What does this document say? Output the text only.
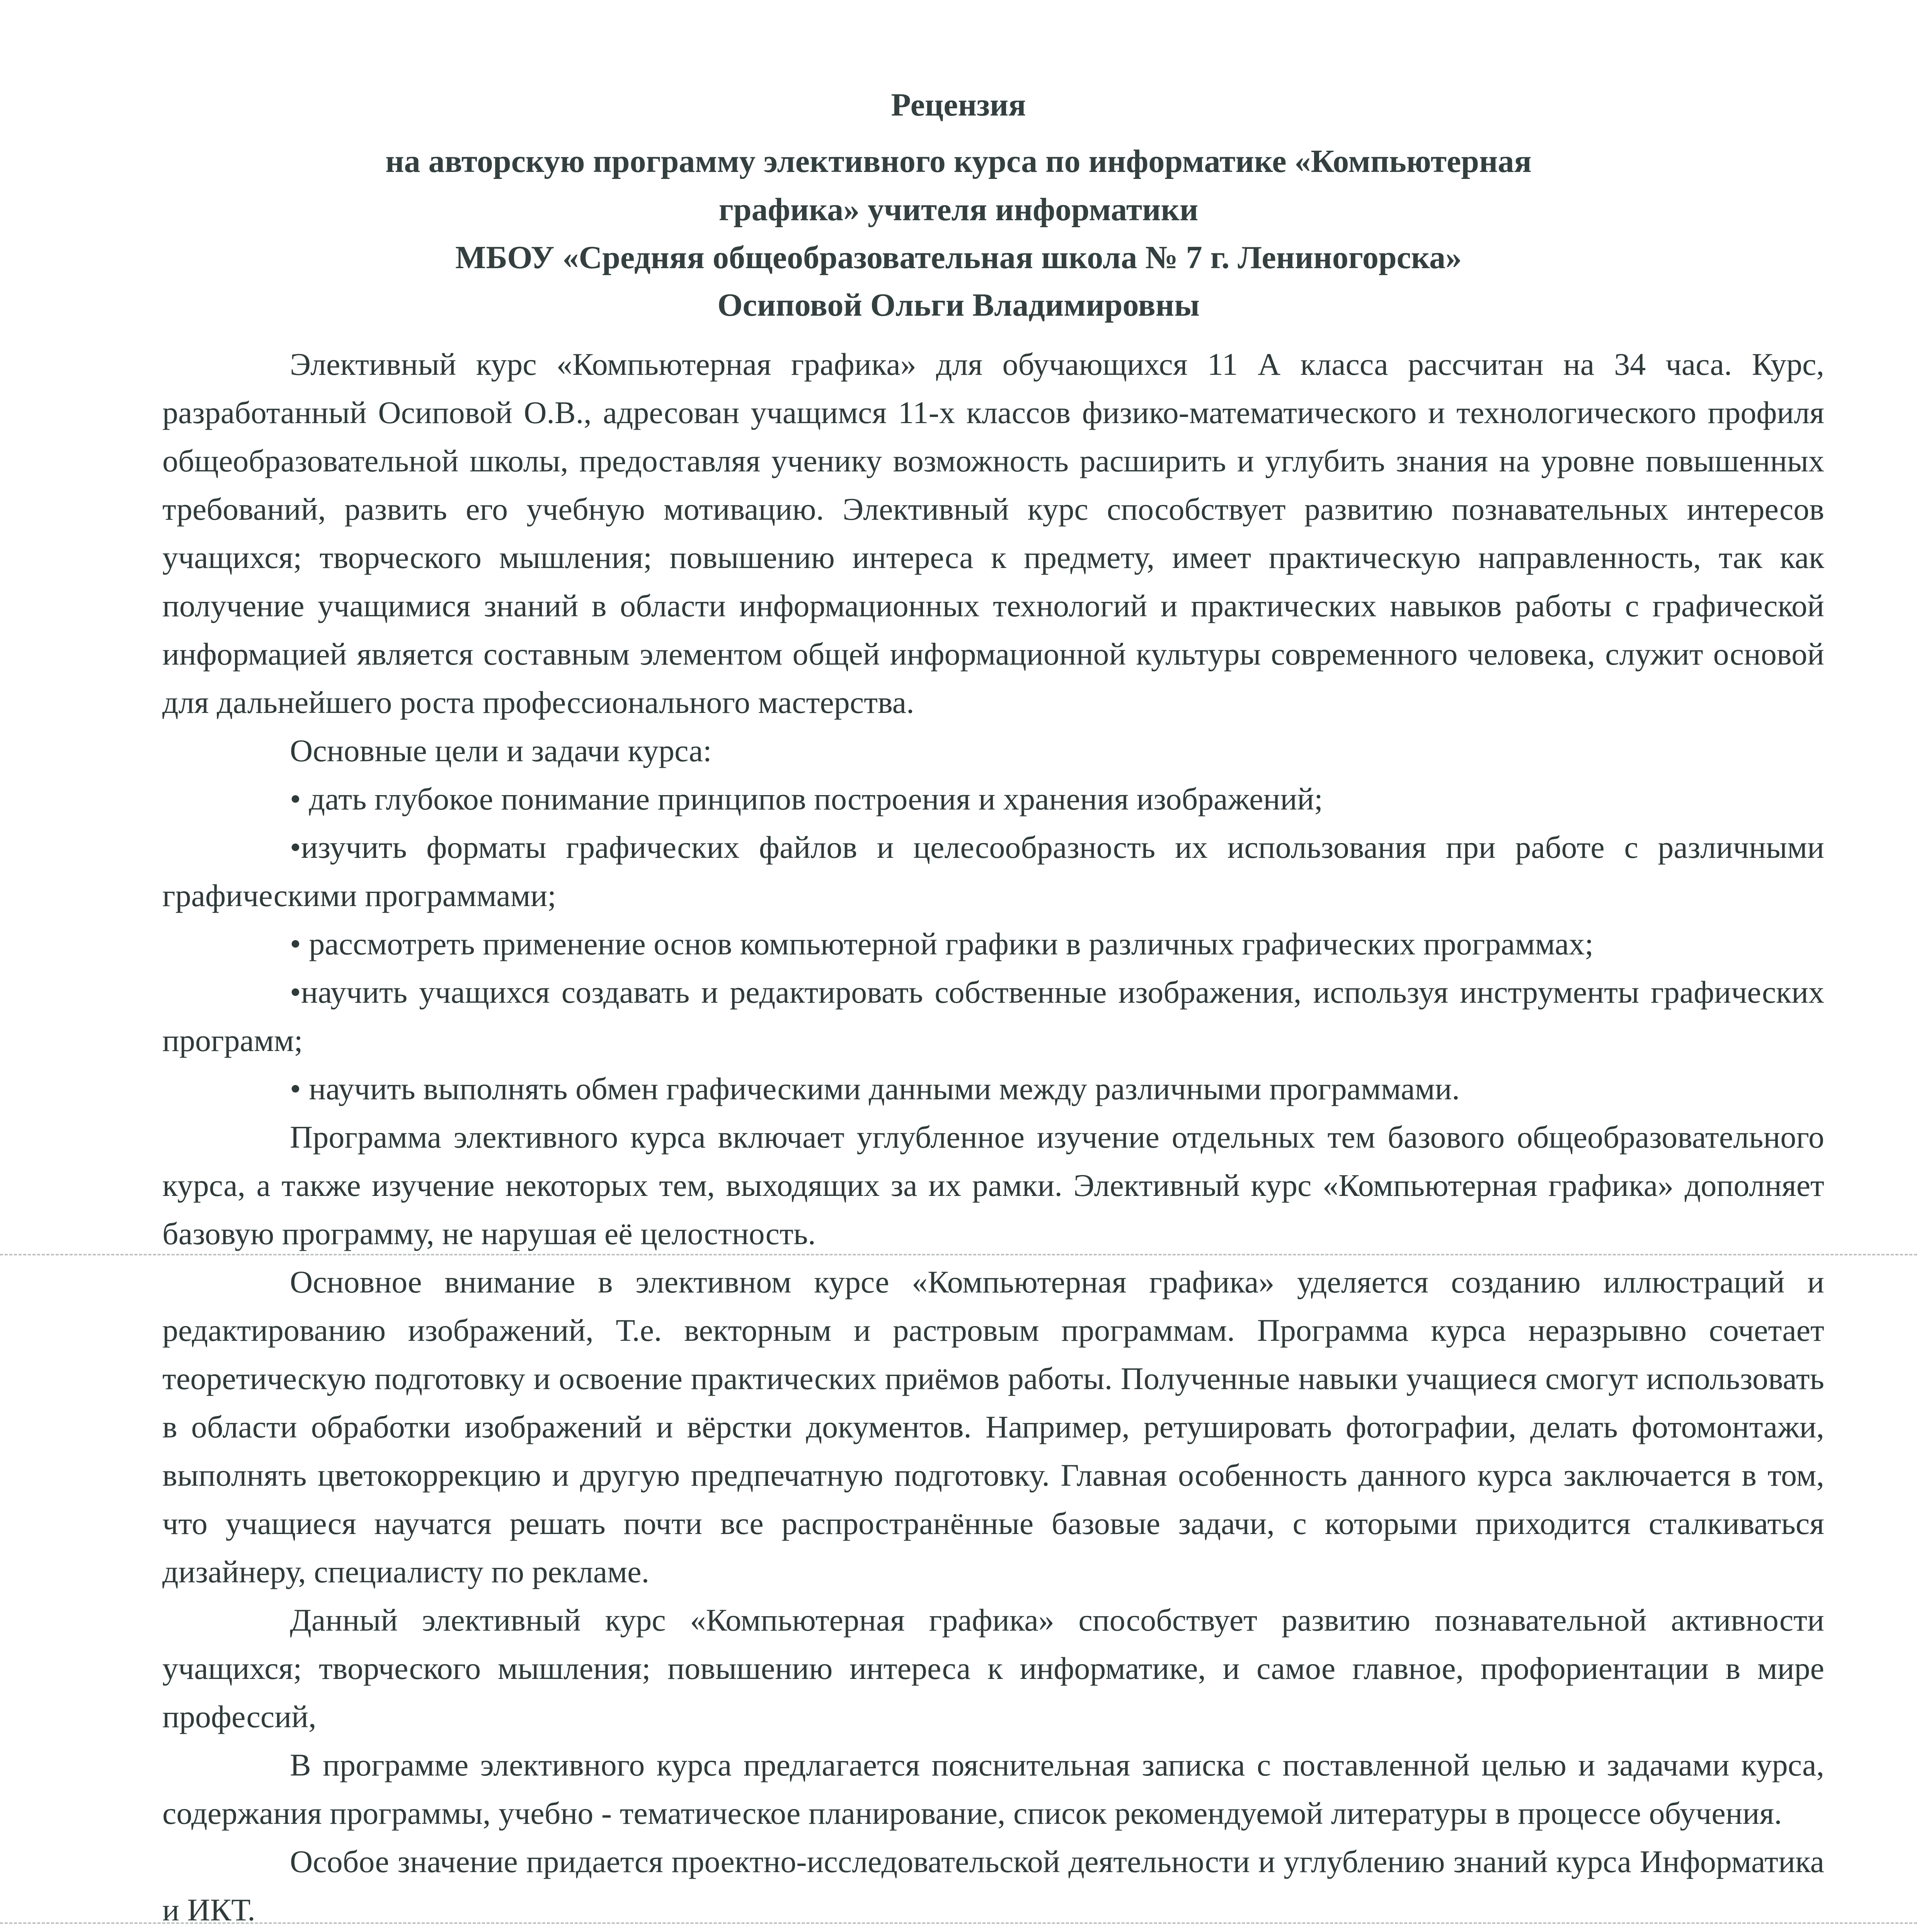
Рецензия
на авторскую программу элективного курса по информатике «Компьютерная
графика» учителя информатики
МБОУ «Средняя общеобразовательная школа № 7 г. Лениногорска»
Осиповой Ольги Владимировны

Элективный курс «Компьютерная графика» для обучающихся 11 А класса рассчитан на 34 часа. Курс, разработанный Осиповой О.В., адресован учащимся 11-х классов физико-математического и технологического профиля общеобразовательной школы, предоставляя ученику возможность расширить и углубить знания на уровне повышенных требований, развить его учебную мотивацию. Элективный курс способствует развитию познавательных интересов учащихся; творческого мышления; повышению интереса к предмету, имеет практическую направленность, так как получение учащимися знаний в области информационных технологий и практических навыков работы с графической информацией является составным элементом общей информационной культуры современного человека, служит основой для дальнейшего роста профессионального мастерства.

Основные цели и задачи курса:

• дать глубокое понимание принципов построения и хранения изображений;

•изучить форматы графических файлов и целесообразность их использования при работе с различными графическими программами;

• рассмотреть применение основ компьютерной графики в различных графических программах;

•научить учащихся создавать и редактировать собственные изображения, используя инструменты графических программ;

• научить выполнять обмен графическими данными между различными программами.

Программа элективного курса включает углубленное изучение отдельных тем базового общеобразовательного курса, а также изучение некоторых тем, выходящих за их рамки. Элективный курс «Компьютерная графика» дополняет базовую программу, не нарушая её целостность.

Основное внимание в элективном курсе «Компьютерная графика» уделяется созданию иллюстраций и редактированию изображений, Т.е. векторным и растровым программам. Программа курса неразрывно сочетает теоретическую подготовку и освоение практических приёмов работы. Полученные навыки учащиеся смогут использовать в области обработки изображений и вёрстки документов. Например, ретушировать фотографии, делать фотомонтажи, выполнять цветокоррекцию и другую предпечатную подготовку. Главная особенность данного курса заключается в том, что учащиеся научатся решать почти все распространённые базовые задачи, с которыми приходится сталкиваться дизайнеру, специалисту по рекламе.

Данный элективный курс «Компьютерная графика» способствует развитию познавательной активности учащихся; творческого мышления; повышению интереса к информатике, и самое главное, профориентации в мире профессий,

В программе элективного курса предлагается пояснительная записка с поставленной целью и задачами курса, содержания программы, учебно - тематическое планирование, список рекомендуемой литературы в процессе обучения.

Особое значение придается проектно-исследовательской деятельности и углублению знаний курса Информатика и ИКТ.
